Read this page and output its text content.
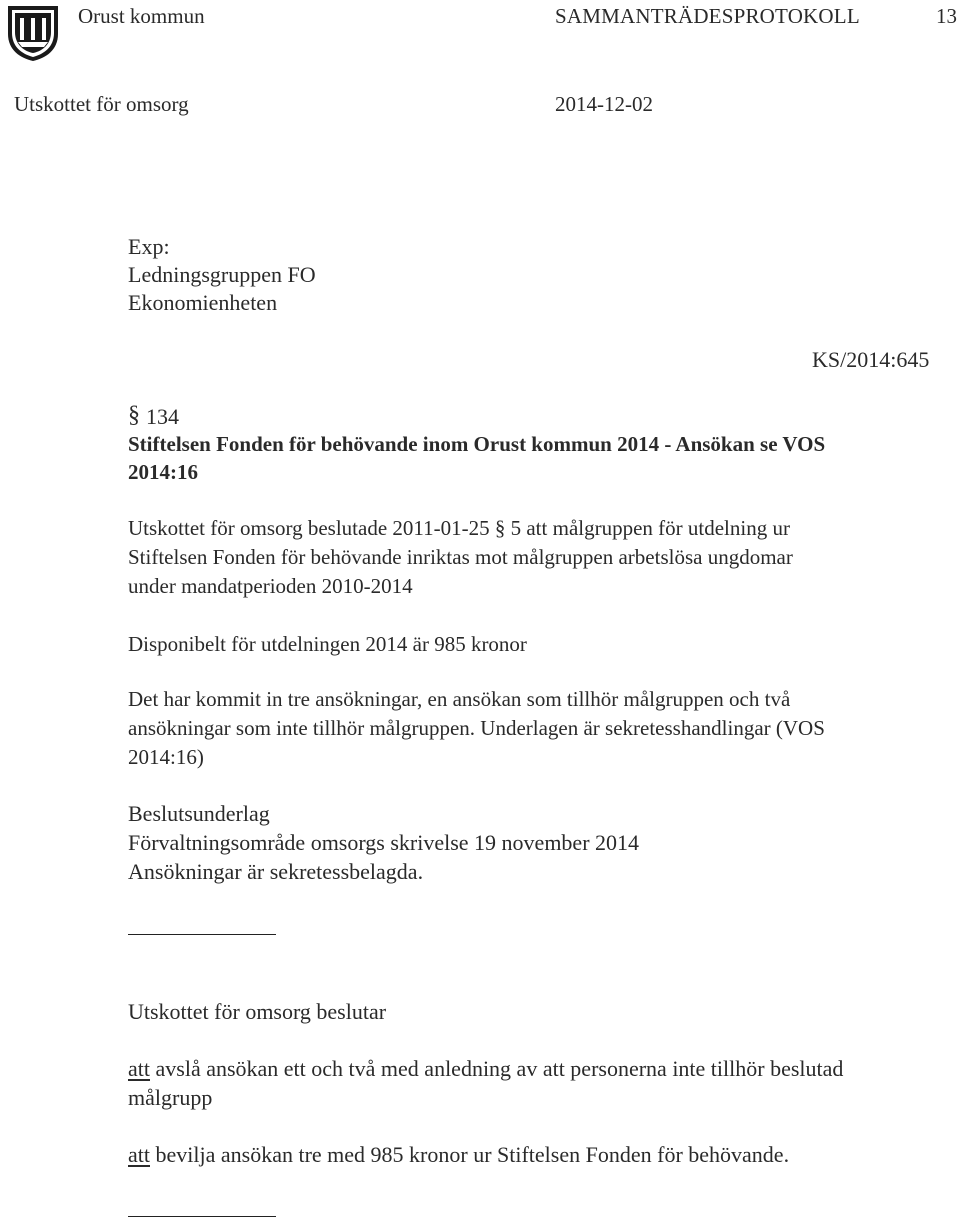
Orust kommun	SAMMANTRÄDESPROTOKOLL	13
Utskottet för omsorg	2014-12-02
Exp:
Ledningsgruppen FO
Ekonomienheten
KS/2014:645
§ 134
Stiftelsen Fonden för behövande inom Orust kommun 2014 - Ansökan se VOS
2014:16
Utskottet för omsorg beslutade 2011-01-25 § 5 att målgruppen för utdelning ur
Stiftelsen Fonden för behövande inriktas mot målgruppen arbetslösa ungdomar
under mandatperioden 2010-2014
Disponibelt för utdelningen 2014 är 985 kronor
Det har kommit in tre ansökningar, en ansökan som tillhör målgruppen och två
ansökningar som inte tillhör målgruppen. Underlagen är sekretesshandlingar (VOS
2014:16)
Beslutsunderlag
Förvaltningsområde omsorgs skrivelse 19 november 2014
Ansökningar är sekretessbelagda.
Utskottet för omsorg beslutar
att avslå ansökan ett och två med anledning av att personerna inte tillhör beslutad
målgrupp
att bevilja ansökan tre med 985 kronor ur Stiftelsen Fonden för behövande.
